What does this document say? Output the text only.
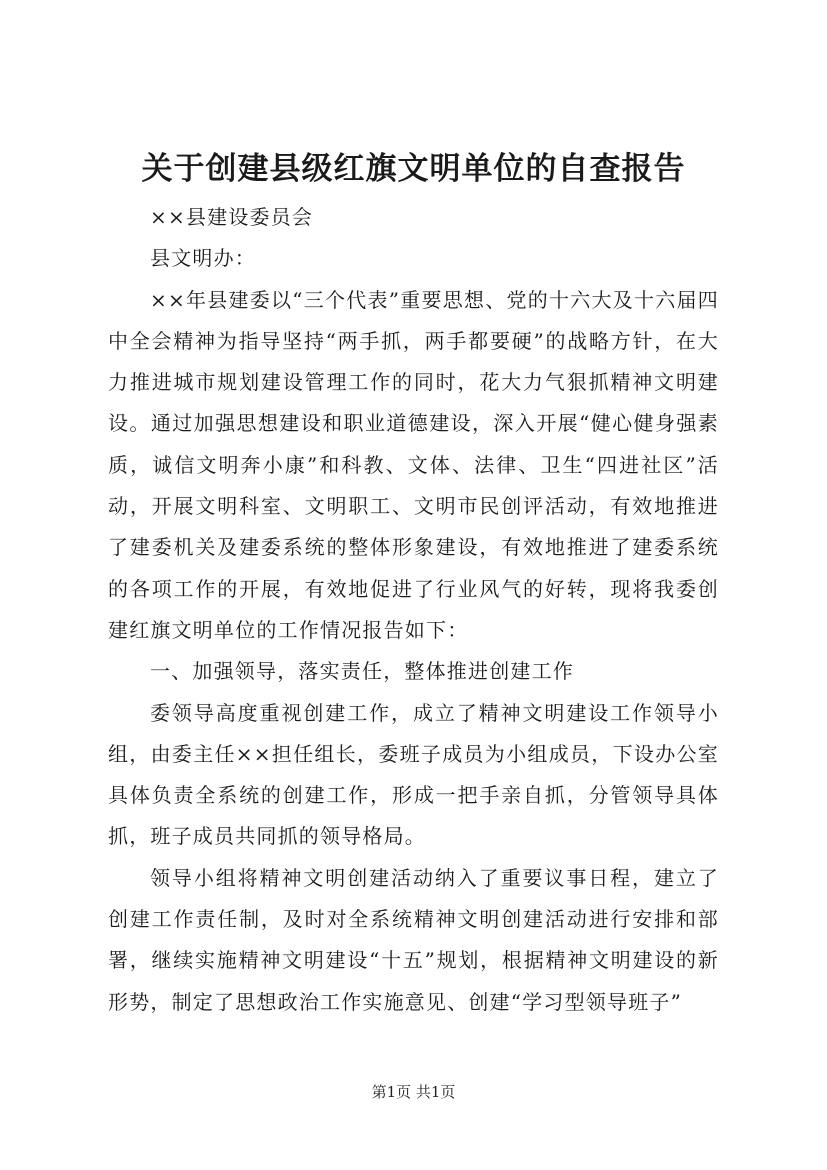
关于创建县级红旗文明单位的自查报告

××县建设委员会

县文明办：

××年县建委以“三个代表”重要思想、党的十六大及十六届四中全会精神为指导坚持“两手抓，两手都要硬”的战略方针，在大力推进城市规划建设管理工作的同时，花大力气狠抓精神文明建设。通过加强思想建设和职业道德建设，深入开展“健心健身强素质，诚信文明奔小康”和科教、文体、法律、卫生“四进社区”活动，开展文明科室、文明职工、文明市民创评活动，有效地推进了建委机关及建委系统的整体形象建设，有效地推进了建委系统的各项工作的开展，有效地促进了行业风气的好转，现将我委创建红旗文明单位的工作情况报告如下：

一、加强领导，落实责任，整体推进创建工作

委领导高度重视创建工作，成立了精神文明建设工作领导小组，由委主任××担任组长，委班子成员为小组成员，下设办公室具体负责全系统的创建工作，形成一把手亲自抓，分管领导具体抓，班子成员共同抓的领导格局。

领导小组将精神文明创建活动纳入了重要议事日程，建立了创建工作责任制，及时对全系统精神文明创建活动进行安排和部署，继续实施精神文明建设“十五”规划，根据精神文明建设的新形势，制定了思想政治工作实施意见、创建“学习型领导班子”

第1页 共1页
